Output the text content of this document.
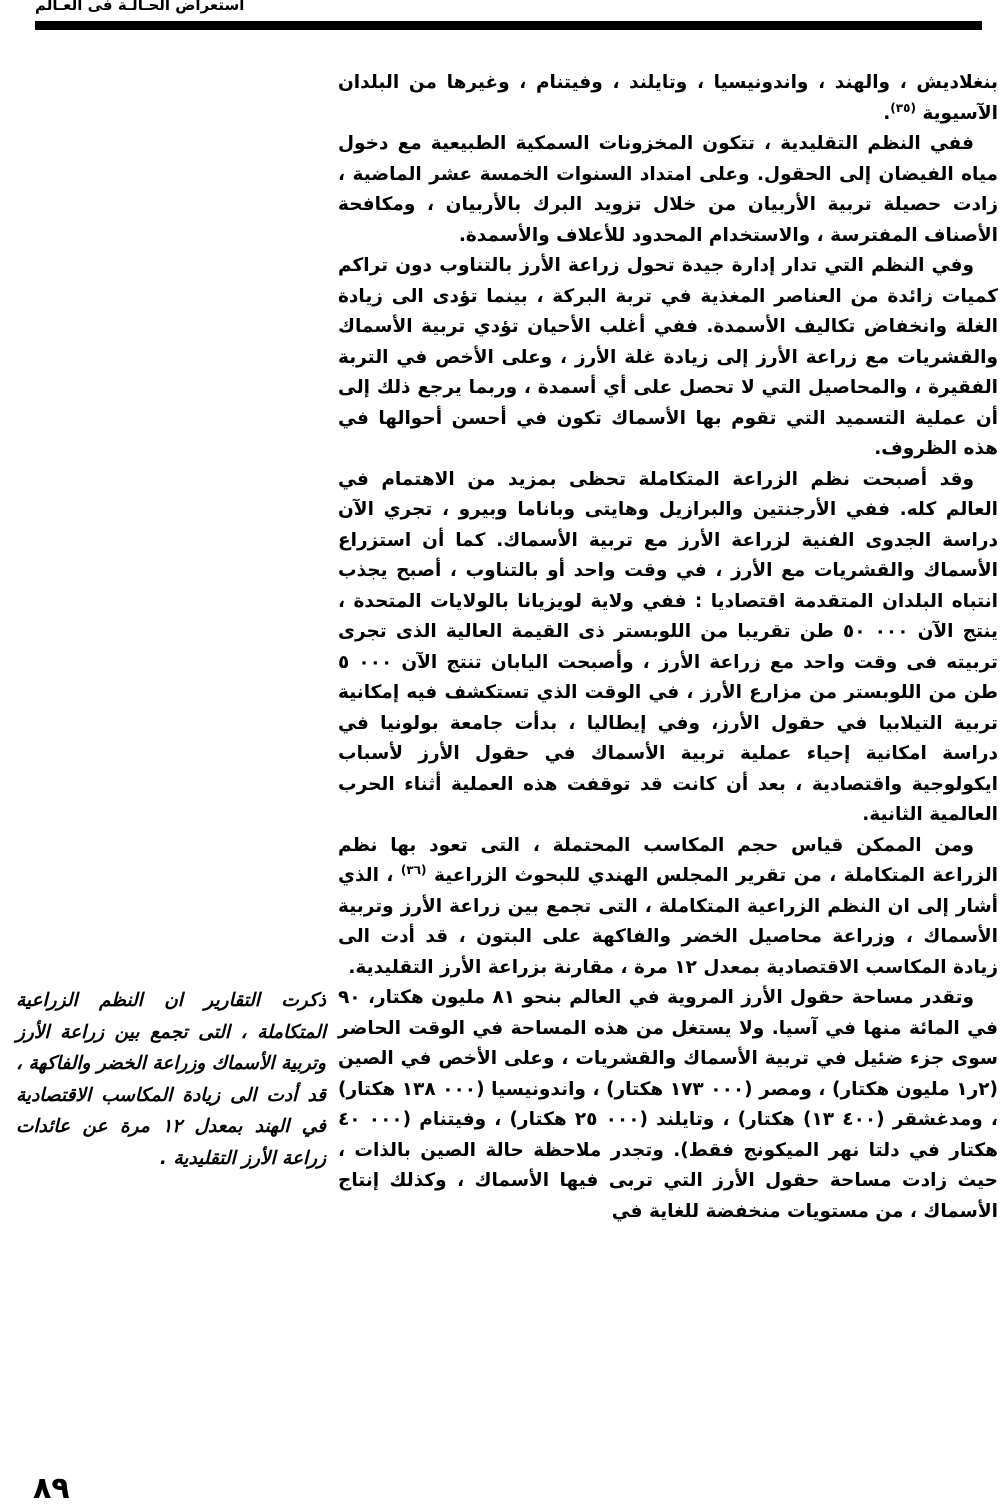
استعراض الحـالـة فى العـالم

بنغلاديش ، والهند ، واندونيسيا ، وتايلند ، وفيتنام ، وغيرها من البلدان الآسيوية $^{(٣٥)}$.

ففي النظم التقليدية ، تتكون المخزونات السمكية الطبيعية مع دخول مياه الفيضان إلى الحقول. وعلى امتداد السنوات الخمسة عشر الماضية ، زادت حصيلة تربية الأربيان من خلال تزويد البرك بالأربيان ، ومكافحة الأصناف المفترسة ، والاستخدام المحدود للأعلاف والأسمدة.

وفي النظم التي تدار إدارة جيدة تحول زراعة الأرز بالتناوب دون تراكم كميات زائدة من العناصر المغذية في تربة البركة ، بينما تؤدى الى زيادة الغلة وانخفاض تكاليف الأسمدة. ففي أغلب الأحيان تؤدي تربية الأسماك والقشريات مع زراعة الأرز إلى زيادة غلة الأرز ، وعلى الأخص في التربة الفقيرة ، والمحاصيل التي لا تحصل على أي أسمدة ، وربما يرجع ذلك إلى أن عملية التسميد التي تقوم بها الأسماك تكون في أحسن أحوالها في هذه الظروف.

وقد أصبحت نظم الزراعة المتكاملة تحظى بمزيد من الاهتمام في العالم كله. ففي الأرجنتين والبرازيل وهايتى وباناما وبيرو ، تجري الآن دراسة الجدوى الفنية لزراعة الأرز مع تربية الأسماك. كما أن استزراع الأسماك والقشريات مع الأرز ، في وقت واحد أو بالتناوب ، أصبح يجذب انتباه البلدان المتقدمة اقتصاديا : ففي ولاية لويزيانا بالولايات المتحدة ، ينتج الآن ٠٠٠ ٥٠ طن تقريبا من اللوبستر ذى القيمة العالية الذى تجرى تربيته فى وقت واحد مع زراعة الأرز ، وأصبحت اليابان تنتج الآن ٠٠٠ ٥ طن من اللوبستر من مزارع الأرز ، في الوقت الذي تستكشف فيه إمكانية تربية التيلابيا في حقول الأرز، وفي إيطاليا ، بدأت جامعة بولونيا في دراسة امكانية إحياء عملية تربية الأسماك في حقول الأرز لأسباب ايكولوجية واقتصادية ، بعد أن كانت قد توقفت هذه العملية أثناء الحرب العالمية الثانية.

ومن الممكن قياس حجم المكاسب المحتملة ، التى تعود بها نظم الزراعة المتكاملة ، من تقرير المجلس الهندي للبحوث الزراعية $^{(٣٦)}$ ، الذي أشار إلى ان النظم الزراعية المتكاملة ، التى تجمع بين زراعة الأرز وتربية الأسماك ، وزراعة محاصيل الخضر والفاكهة على البتون ، قد أدت الى زيادة المكاسب الاقتصادية بمعدل ١٢ مرة ، مقارنة بزراعة الأرز التقليدية.

وتقدر مساحة حقول الأرز المروية في العالم بنحو ٨١ مليون هكتار، ٩٠ في المائة منها في آسيا. ولا يستغل من هذه المساحة في الوقت الحاضر سوى جزء ضئيل في تربية الأسماك والقشريات ، وعلى الأخص في الصين (٢ر١ مليون هكتار) ، ومصر (٠٠٠ ١٧٣ هكتار) ، واندونيسيا (٠٠٠ ١٣٨ هكتار) ، ومدغشقر (٤٠٠ ١٣) هكتار) ، وتايلند (٠٠٠ ٢٥ هكتار) ، وفيتنام (٠٠٠ ٤٠ هكتار في دلتا نهر الميكونج فقط). وتجدر ملاحظة حالة الصين بالذات ، حيث زادت مساحة حقول الأرز التي تربى فيها الأسماك ، وكذلك إنتاج الأسماك ، من مستويات منخفضة للغاية في

ذكرت التقارير ان النظم الزراعية المتكاملة ، التى تجمع بين زراعة الأرز وتربية الأسماك وزراعة الخضر والفاكهة ، قد أدت الى زيادة المكاسب الاقتصادية في الهند بمعدل ١٢ مرة عن عائدات زراعة الأرز التقليدية .
٨٩
